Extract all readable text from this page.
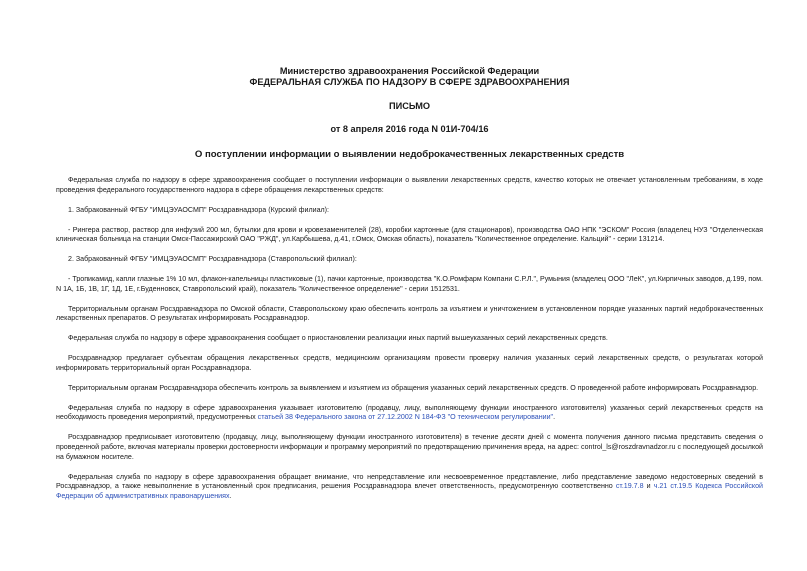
Министерство здравоохранения Российской Федерации
ФЕДЕРАЛЬНАЯ СЛУЖБА ПО НАДЗОРУ В СФЕРЕ ЗДРАВООХРАНЕНИЯ
ПИСЬМО
от 8 апреля 2016 года N 01И-704/16
О поступлении информации о выявлении недоброкачественных лекарственных средств

Федеральная служба по надзору в сфере здравоохранения сообщает о поступлении информации о выявлении лекарственных средств, качество которых не отвечает установленным требованиям, в ходе проведения федерального государственного надзора в сфере обращения лекарственных средств:

1. Забракованный ФГБУ "ИМЦЭУАОСМП" Росздравнадзора (Курский филиал):

- Рингера раствор, раствор для инфузий 200 мл, бутылки для крови и кровезаменителей (28), коробки картонные (для стационаров), производства ОАО НПК "ЭСКОМ" Россия (владелец НУЗ "Отделенческая клиническая больница на станции Омск-Пассажирский ОАО "РЖД", ул.Карбышева, д.41, г.Омск, Омская область), показатель "Количественное определение. Кальций" - серии 131214.

2. Забракованный ФГБУ "ИМЦЭУАОСМП" Росздравнадзора (Ставропольский филиал):

- Тропикамид, капли глазные 1% 10 мл, флакон-капельницы пластиковые (1), пачки картонные, производства "К.О.Ромфарм Компани С.Р.Л.", Румыния (владелец ООО "ЛеК", ул.Кирпичных заводов, д.199, пом. N 1А, 1Б, 1В, 1Г, 1Д, 1Е, г.Буденновск, Ставропольский край), показатель "Количественное определение" - серии 1512531.

Территориальным органам Росздравнадзора по Омской области, Ставропольскому краю обеспечить контроль за изъятием и уничтожением в установленном порядке указанных партий недоброкачественных лекарственных препаратов. О результатах информировать Росздравнадзор.

Федеральная служба по надзору в сфере здравоохранения сообщает о приостановлении реализации иных партий вышеуказанных серий лекарственных средств.

Росздравнадзор предлагает субъектам обращения лекарственных средств, медицинским организациям провести проверку наличия указанных серий лекарственных средств, о результатах которой информировать территориальный орган Росздравнадзора.

Территориальным органам Росздравнадзора обеспечить контроль за выявлением и изъятием из обращения указанных серий лекарственных средств. О проведенной работе информировать Росздравнадзор.

Федеральная служба по надзору в сфере здравоохранения указывает изготовителю (продавцу, лицу, выполняющему функции иностранного изготовителя) указанных серий лекарственных средств на необходимость проведения мероприятий, предусмотренных статьей 38 Федерального закона от 27.12.2002 N 184-ФЗ "О техническом регулировании".

Росздравнадзор предписывает изготовителю (продавцу, лицу, выполняющему функции иностранного изготовителя) в течение десяти дней с момента получения данного письма представить сведения о проведенной работе, включая материалы проверки достоверности информации и программу мероприятий по предотвращению причинения вреда, на адрес: control_ls@roszdravnadzor.ru с последующей досылкой на бумажном носителе.

Федеральная служба по надзору в сфере здравоохранения обращает внимание, что непредставление или несвоевременное представление, либо представление заведомо недостоверных сведений в Росздравнадзор, а также невыполнение в установленный срок предписания, решения Росздравнадзора влечет ответственность, предусмотренную соответственно ст.19.7.8 и ч.21 ст.19.5 Кодекса Российской Федерации об административных правонарушениях.
